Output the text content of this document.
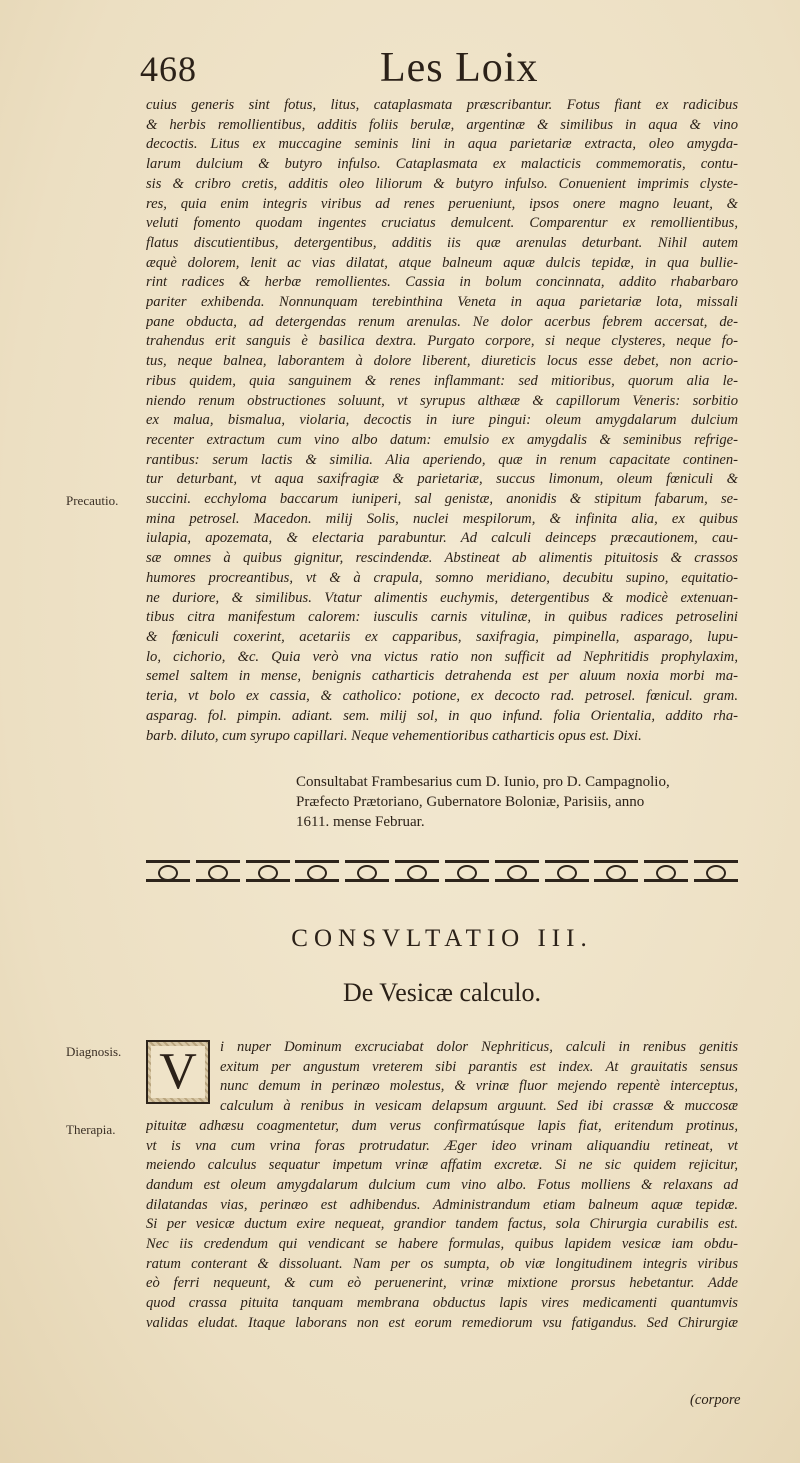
468	Les Loix
cuius generis sint fotus, litus, cataplasmata præscribantur. Fotus fiant ex radicibus
& herbis remollientibus, additis foliis berulæ, argentinæ & similibus in aqua & vino
decoctis. Litus ex muccagine seminis lini in aqua parietariæ extracta, oleo amygda-
larum dulcium & butyro infulso. Cataplasmata ex malacticis commemoratis, contu-
sis & cribro cretis, additis oleo liliorum & butyro infulso. Conuenient imprimis clyste-
res, quia enim integris viribus ad renes perueniunt, ipsos onere magno leuant, &
veluti fomento quodam ingentes cruciatus demulcent. Comparentur ex remollientibus,
flatus discutientibus, detergentibus, additis iis quæ arenulas deturbant. Nihil autem
æquè dolorem, lenit ac vias dilatat, atque balneum aquæ dulcis tepidæ, in qua bullie-
rint radices & herbæ remollientes. Cassia in bolum concinnata, addito rhabarbaro
pariter exhibenda. Nonnunquam terebinthina Veneta in aqua parietariæ lota, missali
pane obducta, ad detergendas renum arenulas. Ne dolor acerbus febrem accersat, de-
trahendus erit sanguis è basilica dextra. Purgato corpore, si neque clysteres, neque fo-
tus, neque balnea, laborantem à dolore liberent, diureticis locus esse debet, non acrio-
ribus quidem, quia sanguinem & renes inflammant: sed mitioribus, quorum alia le-
niendo renum obstructiones soluunt, vt syrupus althææ & capillorum Veneris: sorbitio
ex malua, bismalua, violaria, decoctis in iure pingui: oleum amygdalarum dulcium
recenter extractum cum vino albo datum: emulsio ex amygdalis & seminibus refrige-
rantibus: serum lactis & similia. Alia aperiendo, quæ in renum capacitate continen-
tur deturbant, vt aqua saxifragiæ & parietariæ, succus limonum, oleum fœniculi &
succini. ecchyloma baccarum iuniperi, sal genistæ, anonidis & stipitum fabarum, se-
mina petrosel. Macedon. milij Solis, nuclei mespilorum, & infinita alia, ex quibus
iulapia, apozemata, & electaria parabuntur. Ad calculi deinceps præcautionem, cau-
sæ omnes à quibus gignitur, rescindendæ. Abstineat ab alimentis pituitosis & crassos
humores procreantibus, vt & à crapula, somno meridiano, decubitu supino, equitatio-
ne duriore, & similibus. Vtatur alimentis euchymis, detergentibus & modicè extenuan-
tibus citra manifestum calorem: iusculis carnis vitulinæ, in quibus radices petroselini
& fœniculi coxerint, acetariis ex capparibus, saxifragia, pimpinella, asparago, lupu-
lo, cichorio, &c. Quia verò vna victus ratio non sufficit ad Nephritidis prophylaxim,
semel saltem in mense, benignis catharticis detrahenda est per aluum noxia morbi ma-
teria, vt bolo ex cassia, & catholico: potione, ex decocto rad. petrosel. fœnicul. gram.
asparag. fol. pimpin. adiant. sem. milij sol, in quo infund. folia Orientalia, addito rha-
barb. diluto, cum syrupo capillari. Neque vehementioribus catharticis opus est. Dixi.
Precautio.
Consultabat Frambesarius cum D. Iunio, pro D. Campagnolio,
Præfecto Prætoriano, Gubernatore Boloniæ, Parisiis, anno
1611. mense Februar.
CONSVLTATIO III.
De Vesicæ calculo.
Diagnosis.
Therapia.
V	i nuper Dominum excruciabat dolor Nephriticus, calculi in renibus genitis
exitum per angustum vreterem sibi parantis est index. At grauitatis sensus
nunc demum in perinæo molestus, & vrinæ fluor mejendo repentè interceptus,
calculum à renibus in vesicam delapsum arguunt. Sed ibi crassæ & muccosæ
pituitæ adhæsu coagmentetur, dum verus confirmatúsque lapis fiat, eritendum protinus,
vt is vna cum vrina foras protrudatur. Æger ideo vrinam aliquandiu retineat, vt
meiendo calculus sequatur impetum vrinæ affatim excretæ. Si ne sic quidem rejicitur,
dandum est oleum amygdalarum dulcium cum vino albo. Fotus molliens & relaxans ad
dilatandas vias, perinæo est adhibendus. Administrandum etiam balneum aquæ tepidæ.
Si per vesicæ ductum exire nequeat, grandior tandem factus, sola Chirurgia curabilis est.
Nec iis credendum qui vendicant se habere formulas, quibus lapidem vesicæ iam obdu-
ratum conterant & dissoluant. Nam per os sumpta, ob viæ longitudinem integris viribus
eò ferri nequeunt, & cum eò peruenerint, vrinæ mixtione prorsus hebetantur. Adde
quod crassa pituita tanquam membrana obductus lapis vires medicamenti quantumvis
validas eludat. Itaque laborans non est eorum remediorum vsu fatigandus. Sed Chirurgiæ
(corpore
